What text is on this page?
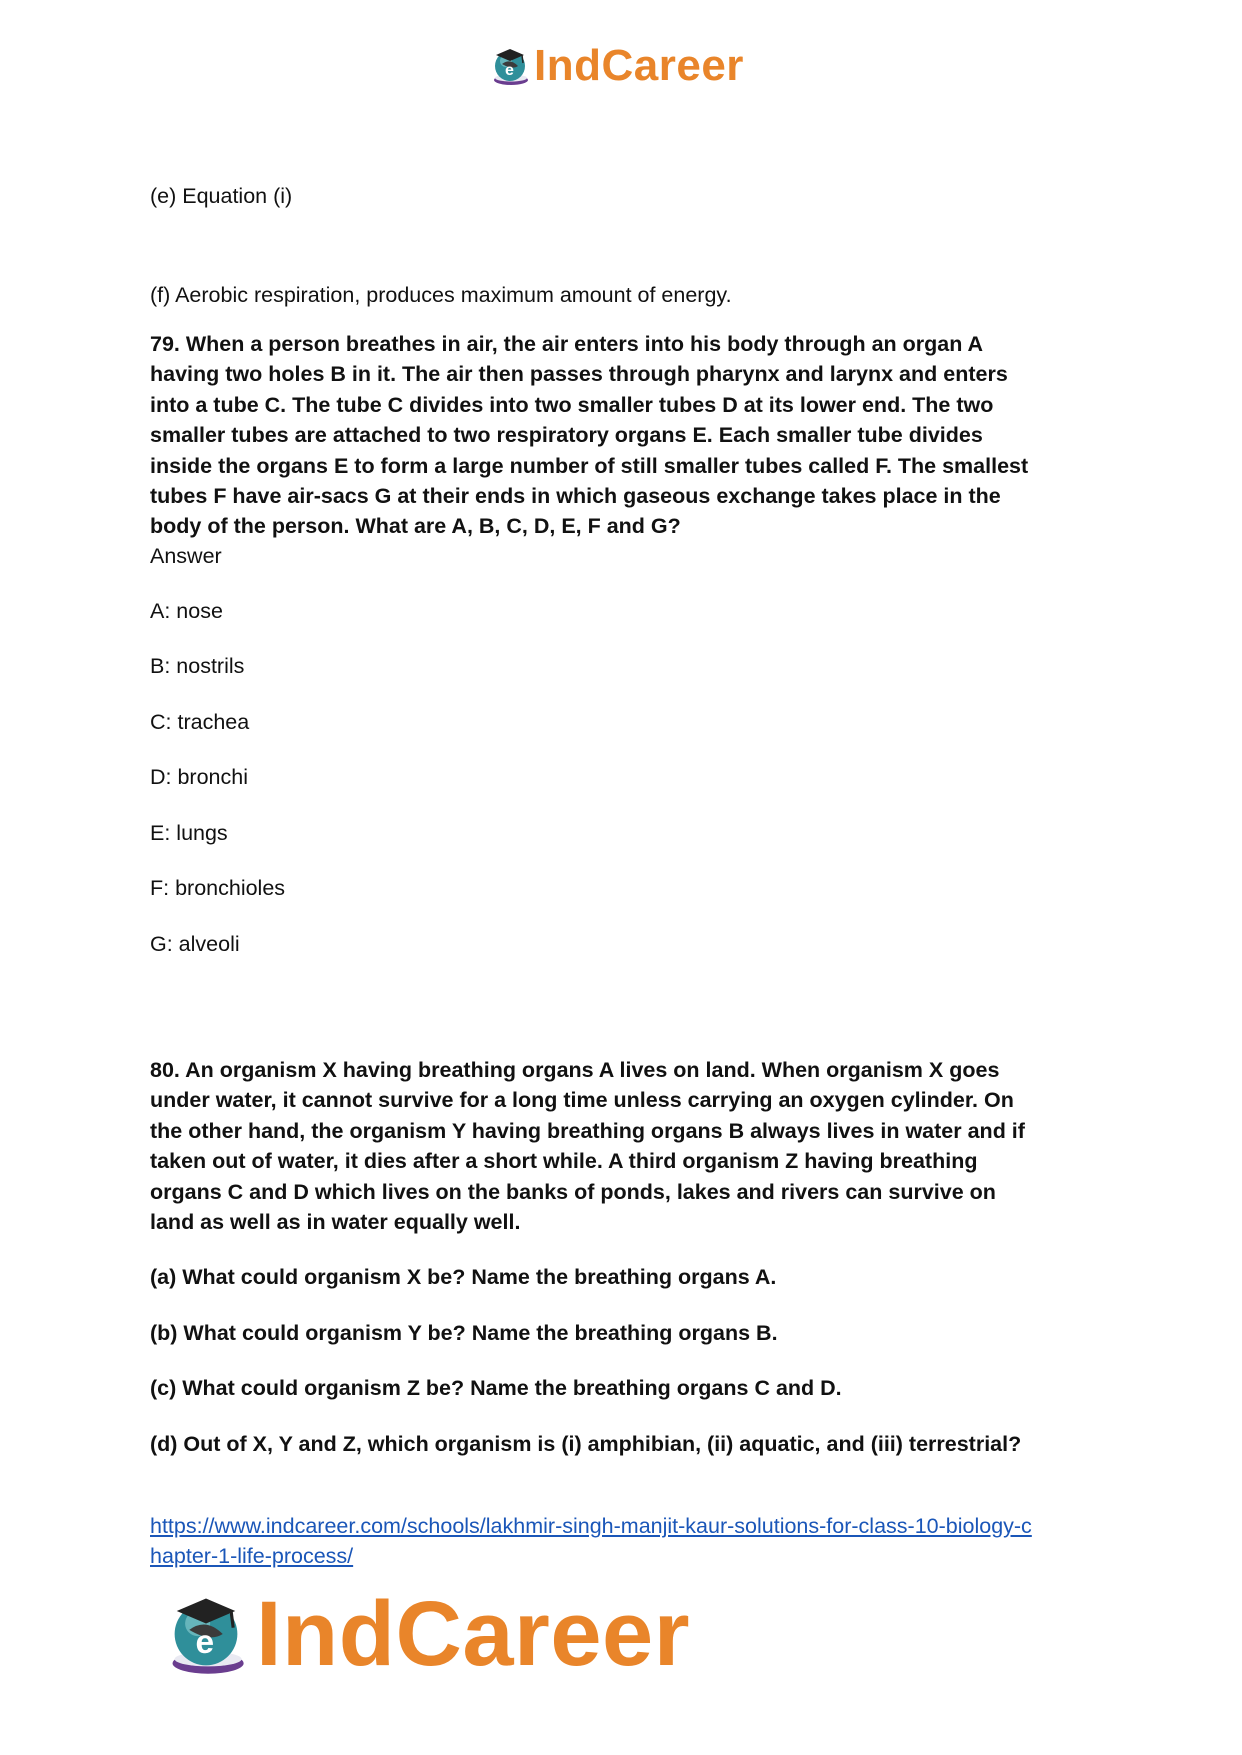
e IndCareer
(e) Equation (i)
(f) Aerobic respiration, produces maximum amount of energy.
79. When a person breathes in air, the air enters into his body through an organ A
having two holes B in it. The air then passes through pharynx and larynx and enters
into a tube C. The tube C divides into two smaller tubes D at its lower end. The two
smaller tubes are attached to two respiratory organs E. Each smaller tube divides
inside the organs E to form a large number of still smaller tubes called F. The smallest
tubes F have air-sacs G at their ends in which gaseous exchange takes place in the
body of the person. What are A, B, C, D, E, F and G?
Answer
A: nose
B: nostrils
C: trachea
D: bronchi
E: lungs
F: bronchioles
G: alveoli
80. An organism X having breathing organs A lives on land. When organism X goes
under water, it cannot survive for a long time unless carrying an oxygen cylinder. On
the other hand, the organism Y having breathing organs B always lives in water and if
taken out of water, it dies after a short while. A third organism Z having breathing
organs C and D which lives on the banks of ponds, lakes and rivers can survive on
land as well as in water equally well.
(a) What could organism X be? Name the breathing organs A.
(b) What could organism Y be? Name the breathing organs B.
(c) What could organism Z be? Name the breathing organs C and D.
(d) Out of X, Y and Z, which organism is (i) amphibian, (ii) aquatic, and (iii) terrestrial?
https://www.indcareer.com/schools/lakhmir-singh-manjit-kaur-solutions-for-class-10-biology-c
hapter-1-life-process/
e IndCareer
